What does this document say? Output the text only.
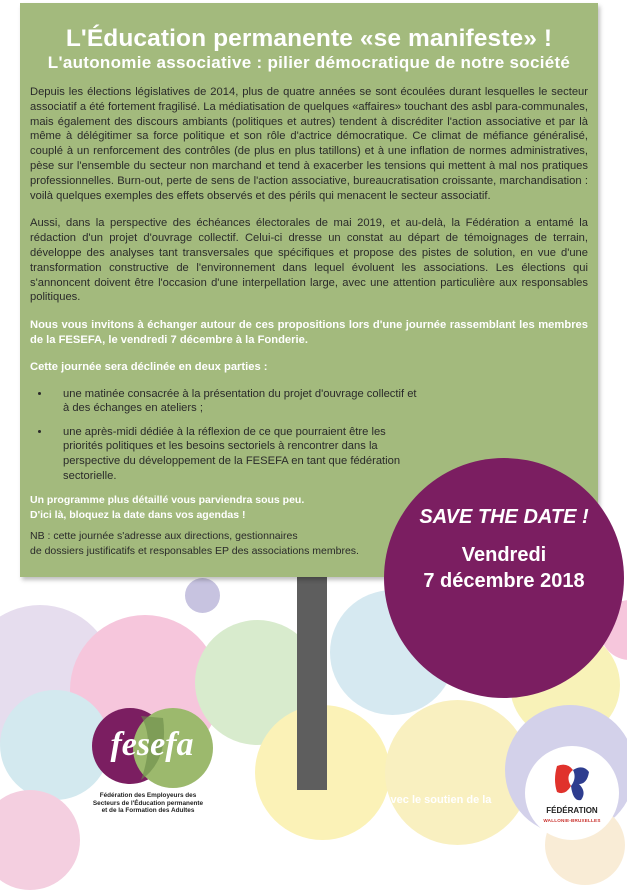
L'Éducation permanente «se manifeste» !
L'autonomie associative : pilier démocratique de notre société

Depuis les élections législatives de 2014, plus de quatre années se sont écoulées durant lesquelles le secteur associatif a été fortement fragilisé. La médiatisation de quelques «affaires» touchant des asbl para-communales, mais également des discours ambiants (politiques et autres) tendent à discréditer l'action associative et par là même à délégitimer sa force politique et son rôle d'actrice démocratique. Ce climat de méfiance généralisé, couplé à un renforcement des contrôles (de plus en plus tatillons) et à une inflation de normes administratives, pèse sur l'ensemble du secteur non marchand et tend à exacerber les tensions qui mettent à mal nos pratiques professionnelles. Burn-out, perte de sens de l'action associative, bureaucratisation croissante, marchandisation : voilà quelques exemples des effets observés et des périls qui menacent le secteur associatif.

Aussi, dans la perspective des échéances électorales de mai 2019, et au-delà, la Fédération a entamé la rédaction d'un projet d'ouvrage collectif. Celui-ci dresse un constat au départ de témoignages de terrain, développe des analyses tant transversales que spécifiques et propose des pistes de solution, en vue d'une transformation constructive de l'environnement dans lequel évoluent les associations. Les élections qui s'annoncent doivent être l'occasion d'une interpellation large, avec une attention particulière aux responsables politiques.

Nous vous invitons à échanger autour de ces propositions lors d'une journée rassemblant les membres de la FESEFA, le vendredi 7 décembre à la Fonderie.

Cette journée sera déclinée en deux parties :

• une matinée consacrée à la présentation du projet d'ouvrage collectif et à des échanges en ateliers ;
• une après-midi dédiée à la réflexion de ce que pourraient être les priorités politiques et les besoins sectoriels à rencontrer dans la perspective du développement de la FESEFA en tant que fédération sectorielle.

Un programme plus détaillé vous parviendra sous peu.
D'ici là, bloquez la date dans vos agendas !

NB : cette journée s'adresse aux directions, gestionnaires
de dossiers justificatifs et responsables EP des associations membres.

SAVE THE DATE !
Vendredi
7 décembre 2018
fesefa
Fédération des Employeurs des
Secteurs de l'Éducation permanente
et de la Formation des Adultes
Avec le soutien de la
FÉDÉRATION
WALLONIE-BRUXELLES
